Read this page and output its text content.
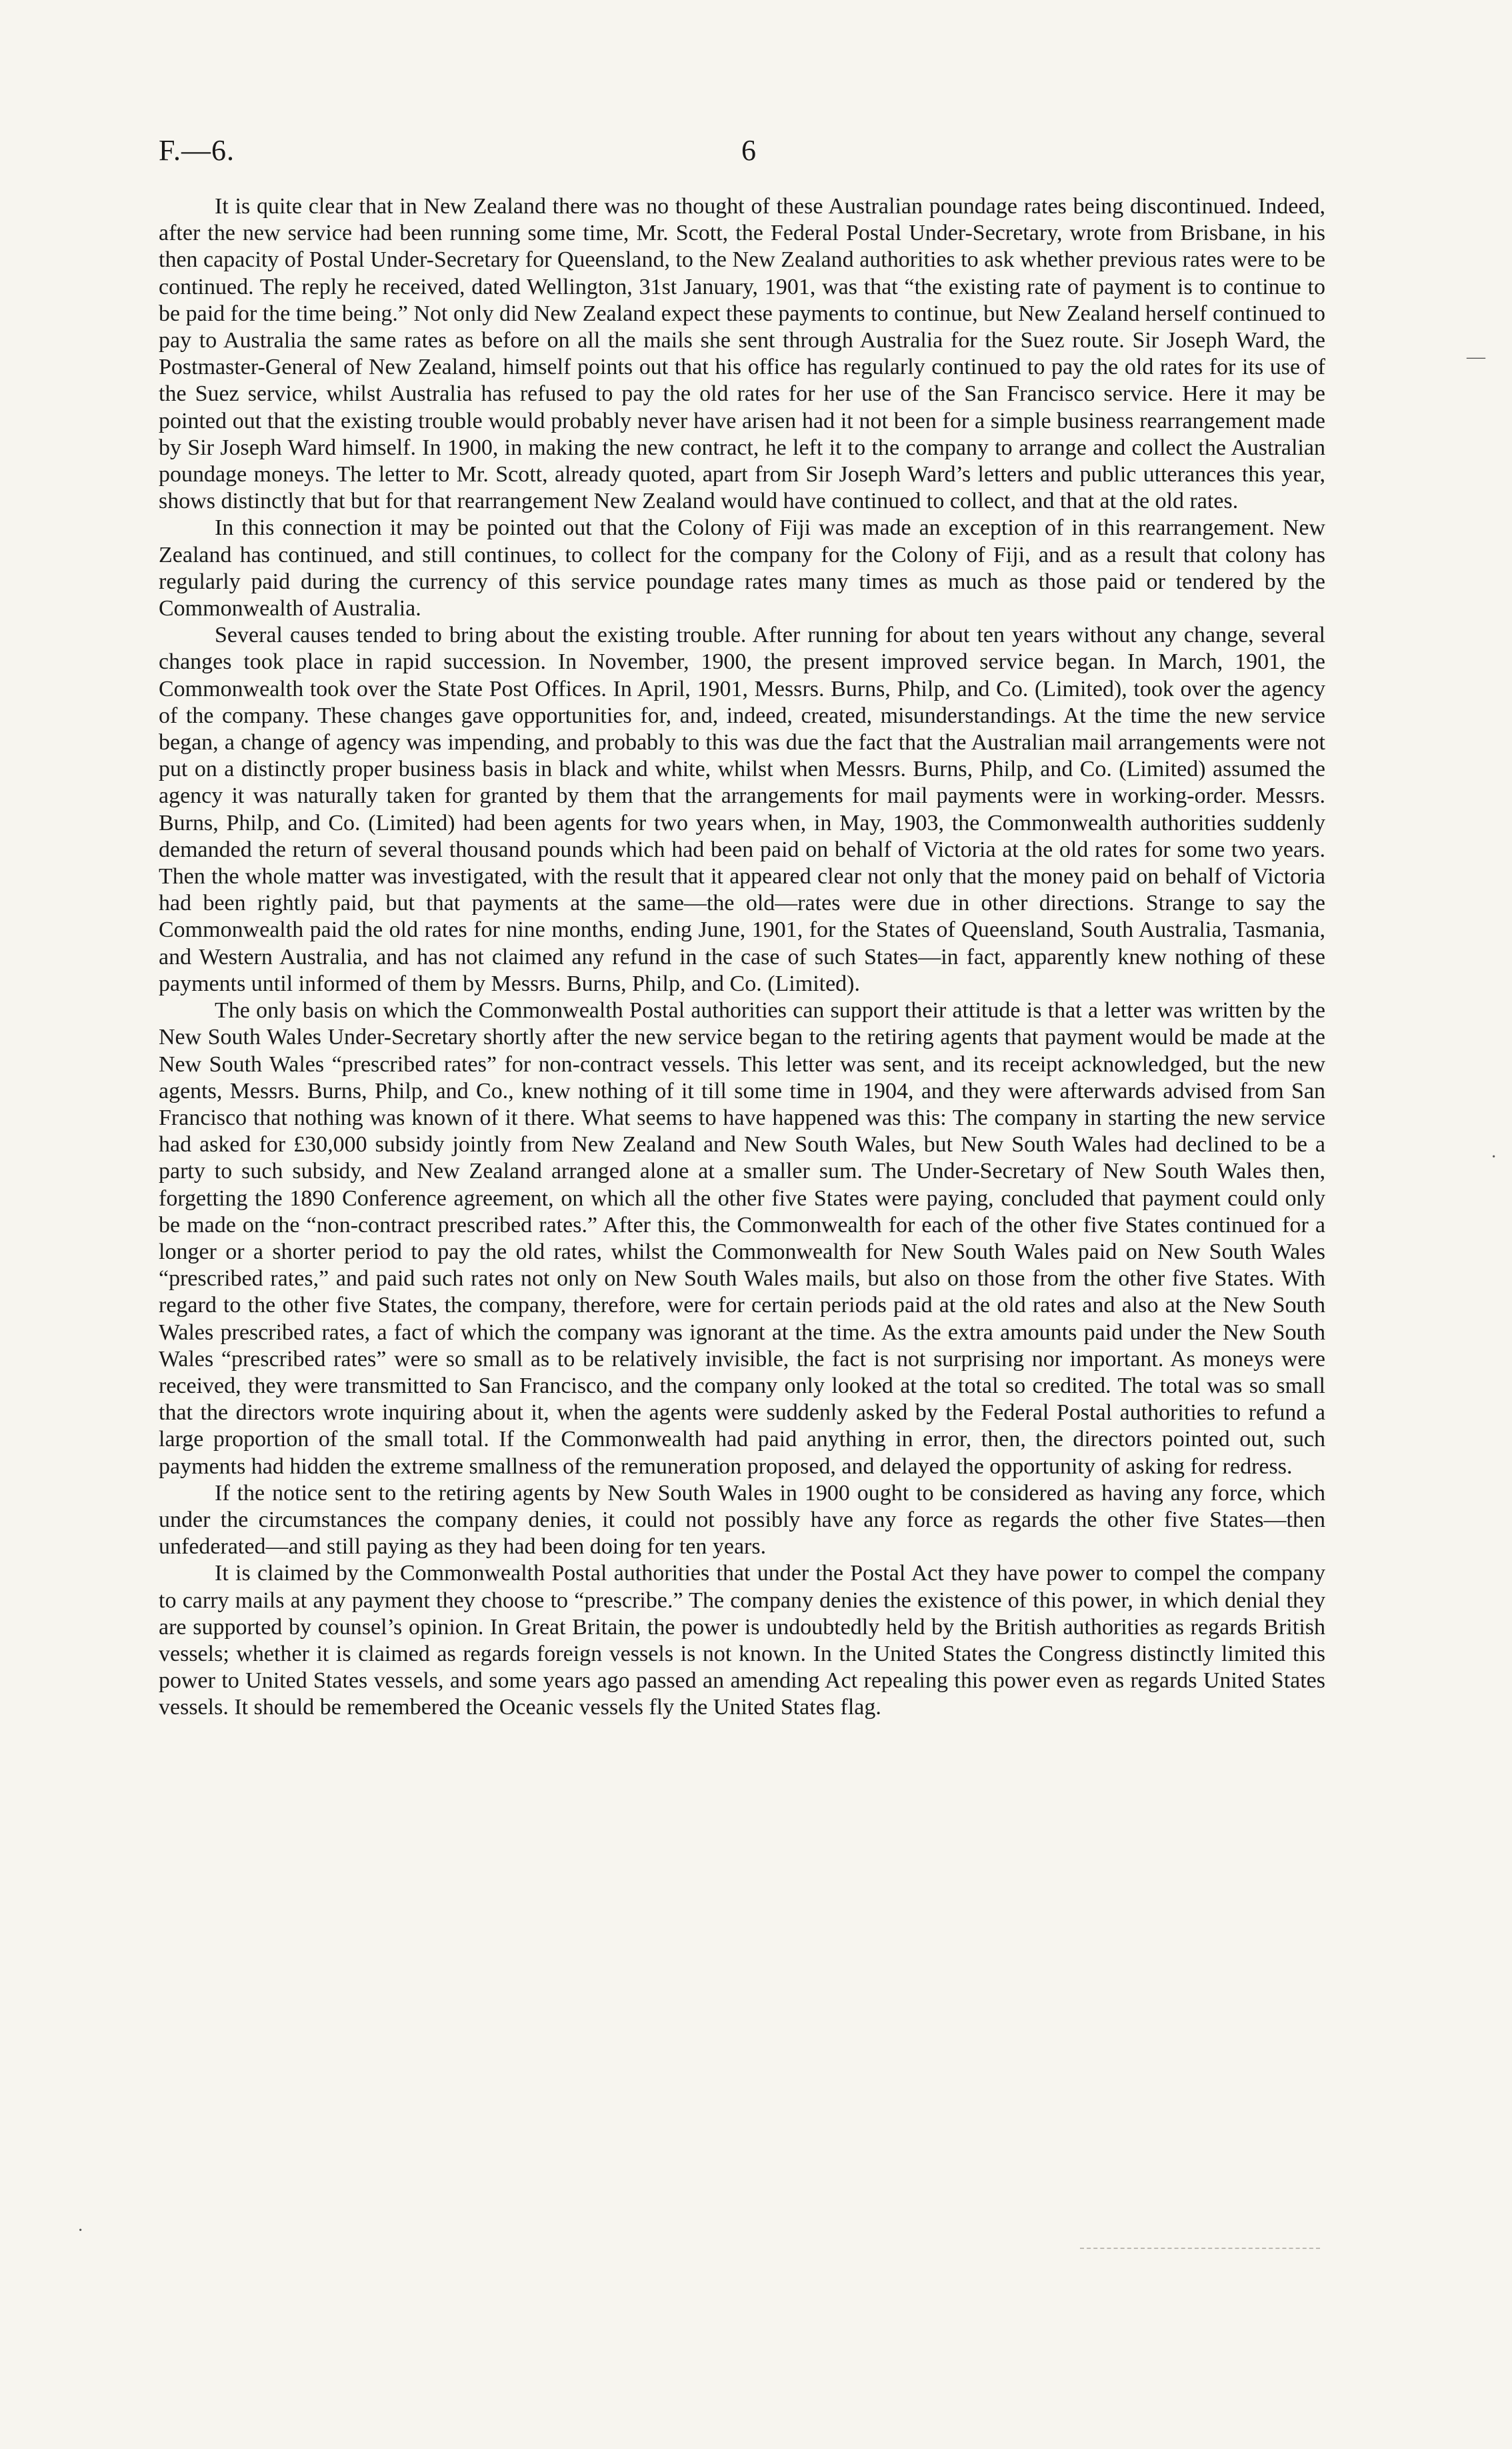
F.—6.	6

It is quite clear that in New Zealand there was no thought of these Australian poundage rates being discontinued. Indeed, after the new service had been running some time, Mr. Scott, the Federal Postal Under-Secretary, wrote from Brisbane, in his then capacity of Postal Under-Secretary for Queensland, to the New Zealand authorities to ask whether previous rates were to be continued. The reply he received, dated Wellington, 31st January, 1901, was that “the existing rate of payment is to continue to be paid for the time being.” Not only did New Zealand expect these payments to continue, but New Zealand herself continued to pay to Australia the same rates as before on all the mails she sent through Australia for the Suez route. Sir Joseph Ward, the Postmaster-General of New Zealand, himself points out that his office has regularly continued to pay the old rates for its use of the Suez service, whilst Australia has refused to pay the old rates for her use of the San Francisco service. Here it may be pointed out that the existing trouble would probably never have arisen had it not been for a simple business rearrangement made by Sir Joseph Ward himself. In 1900, in making the new contract, he left it to the company to arrange and collect the Australian poundage moneys. The letter to Mr. Scott, already quoted, apart from Sir Joseph Ward’s letters and public utterances this year, shows distinctly that but for that rearrangement New Zealand would have continued to collect, and that at the old rates.

In this connection it may be pointed out that the Colony of Fiji was made an exception of in this rearrangement. New Zealand has continued, and still continues, to collect for the company for the Colony of Fiji, and as a result that colony has regularly paid during the currency of this service poundage rates many times as much as those paid or tendered by the Commonwealth of Australia.

Several causes tended to bring about the existing trouble. After running for about ten years without any change, several changes took place in rapid succession. In November, 1900, the present improved service began. In March, 1901, the Commonwealth took over the State Post Offices. In April, 1901, Messrs. Burns, Philp, and Co. (Limited), took over the agency of the company. These changes gave opportunities for, and, indeed, created, misunderstandings. At the time the new service began, a change of agency was impending, and probably to this was due the fact that the Australian mail arrangements were not put on a distinctly proper business basis in black and white, whilst when Messrs. Burns, Philp, and Co. (Limited) assumed the agency it was naturally taken for granted by them that the arrangements for mail payments were in working-order. Messrs. Burns, Philp, and Co. (Limited) had been agents for two years when, in May, 1903, the Commonwealth authorities suddenly demanded the return of several thousand pounds which had been paid on behalf of Victoria at the old rates for some two years. Then the whole matter was investigated, with the result that it appeared clear not only that the money paid on behalf of Victoria had been rightly paid, but that payments at the same—the old—rates were due in other directions. Strange to say the Commonwealth paid the old rates for nine months, ending June, 1901, for the States of Queensland, South Australia, Tasmania, and Western Australia, and has not claimed any refund in the case of such States—in fact, apparently knew nothing of these payments until informed of them by Messrs. Burns, Philp, and Co. (Limited).

The only basis on which the Commonwealth Postal authorities can support their attitude is that a letter was written by the New South Wales Under-Secretary shortly after the new service began to the retiring agents that payment would be made at the New South Wales “prescribed rates” for non-contract vessels. This letter was sent, and its receipt acknowledged, but the new agents, Messrs. Burns, Philp, and Co., knew nothing of it till some time in 1904, and they were afterwards advised from San Francisco that nothing was known of it there. What seems to have happened was this: The company in starting the new service had asked for £30,000 subsidy jointly from New Zealand and New South Wales, but New South Wales had declined to be a party to such subsidy, and New Zealand arranged alone at a smaller sum. The Under-Secretary of New South Wales then, forgetting the 1890 Conference agreement, on which all the other five States were paying, concluded that payment could only be made on the “non-contract prescribed rates.” After this, the Commonwealth for each of the other five States continued for a longer or a shorter period to pay the old rates, whilst the Commonwealth for New South Wales paid on New South Wales “prescribed rates,” and paid such rates not only on New South Wales mails, but also on those from the other five States. With regard to the other five States, the company, therefore, were for certain periods paid at the old rates and also at the New South Wales prescribed rates, a fact of which the company was ignorant at the time. As the extra amounts paid under the New South Wales “prescribed rates” were so small as to be relatively invisible, the fact is not surprising nor important. As moneys were received, they were transmitted to San Francisco, and the company only looked at the total so credited. The total was so small that the directors wrote inquiring about it, when the agents were suddenly asked by the Federal Postal authorities to refund a large proportion of the small total. If the Commonwealth had paid anything in error, then, the directors pointed out, such payments had hidden the extreme smallness of the remuneration proposed, and delayed the opportunity of asking for redress.

If the notice sent to the retiring agents by New South Wales in 1900 ought to be considered as having any force, which under the circumstances the company denies, it could not possibly have any force as regards the other five States—then unfederated—and still paying as they had been doing for ten years.

It is claimed by the Commonwealth Postal authorities that under the Postal Act they have power to compel the company to carry mails at any payment they choose to “prescribe.” The company denies the existence of this power, in which denial they are supported by counsel’s opinion. In Great Britain, the power is undoubtedly held by the British authorities as regards British vessels; whether it is claimed as regards foreign vessels is not known. In the United States the Congress distinctly limited this power to United States vessels, and some years ago passed an amending Act repealing this power even as regards United States vessels. It should be remembered the Oceanic vessels fly the United States flag.

—
·
·
